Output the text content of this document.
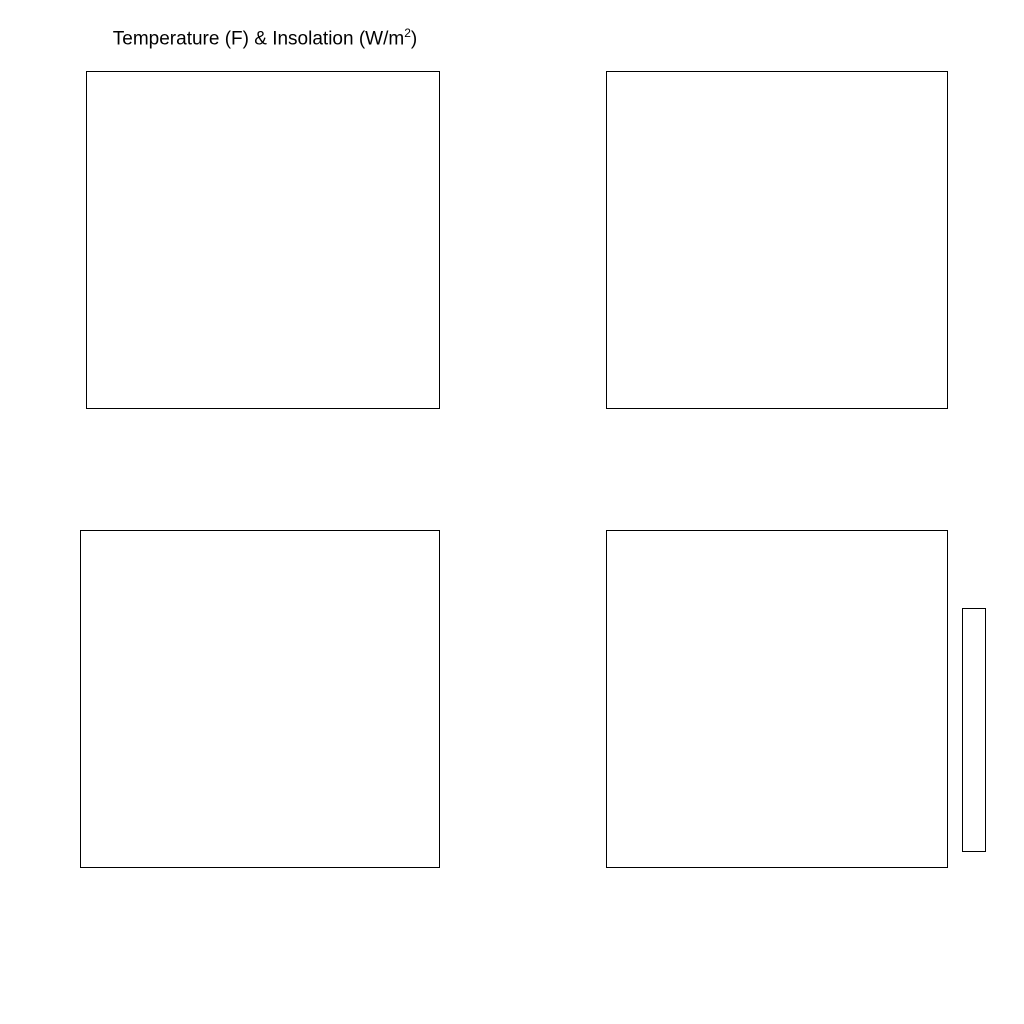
Temperature (F) & Insolation $(W/m^2)$
